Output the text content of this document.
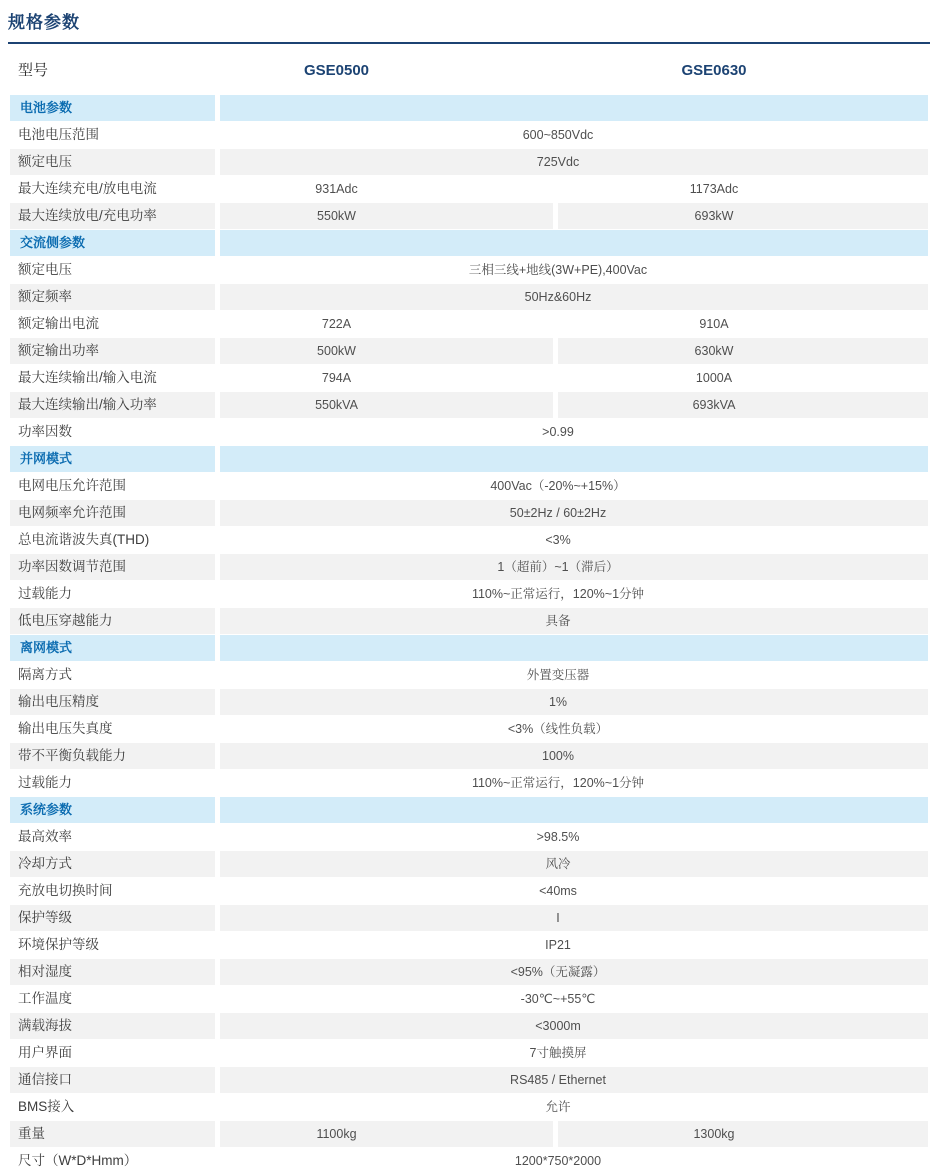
规格参数
型号	GSE0500	GSE0630
电池参数
电池电压范围	600~850Vdc
额定电压	725Vdc
最大连续充电/放电电流	931Adc	1173Adc
最大连续放电/充电功率	550kW	693kW
交流侧参数
额定电压	三相三线+地线(3W+PE),400Vac
额定频率	50Hz&60Hz
额定输出电流	722A	910A
额定输出功率	500kW	630kW
最大连续输出/输入电流	794A	1000A
最大连续输出/输入功率	550kVA	693kVA
功率因数	>0.99
并网模式
电网电压允许范围	400Vac（-20%~+15%）
电网频率允许范围	50±2Hz / 60±2Hz
总电流谐波失真(THD)	<3%
功率因数调节范围	1（超前）~1（滞后）
过载能力	110%~正常运行，120%~1分钟
低电压穿越能力	具备
离网模式
隔离方式	外置变压器
输出电压精度	1%
输出电压失真度	<3%（线性负载）
带不平衡负载能力	100%
过载能力	110%~正常运行，120%~1分钟
系统参数
最高效率	>98.5%
冷却方式	风冷
充放电切换时间	<40ms
保护等级	I
环境保护等级	IP21
相对湿度	<95%（无凝露）
工作温度	-30℃~+55℃
满载海拔	<3000m
用户界面	7寸触摸屏
通信接口	RS485 / Ethernet
BMS接入	允许
重量	1100kg	1300kg
尺寸（W*D*Hmm）	1200*750*2000
